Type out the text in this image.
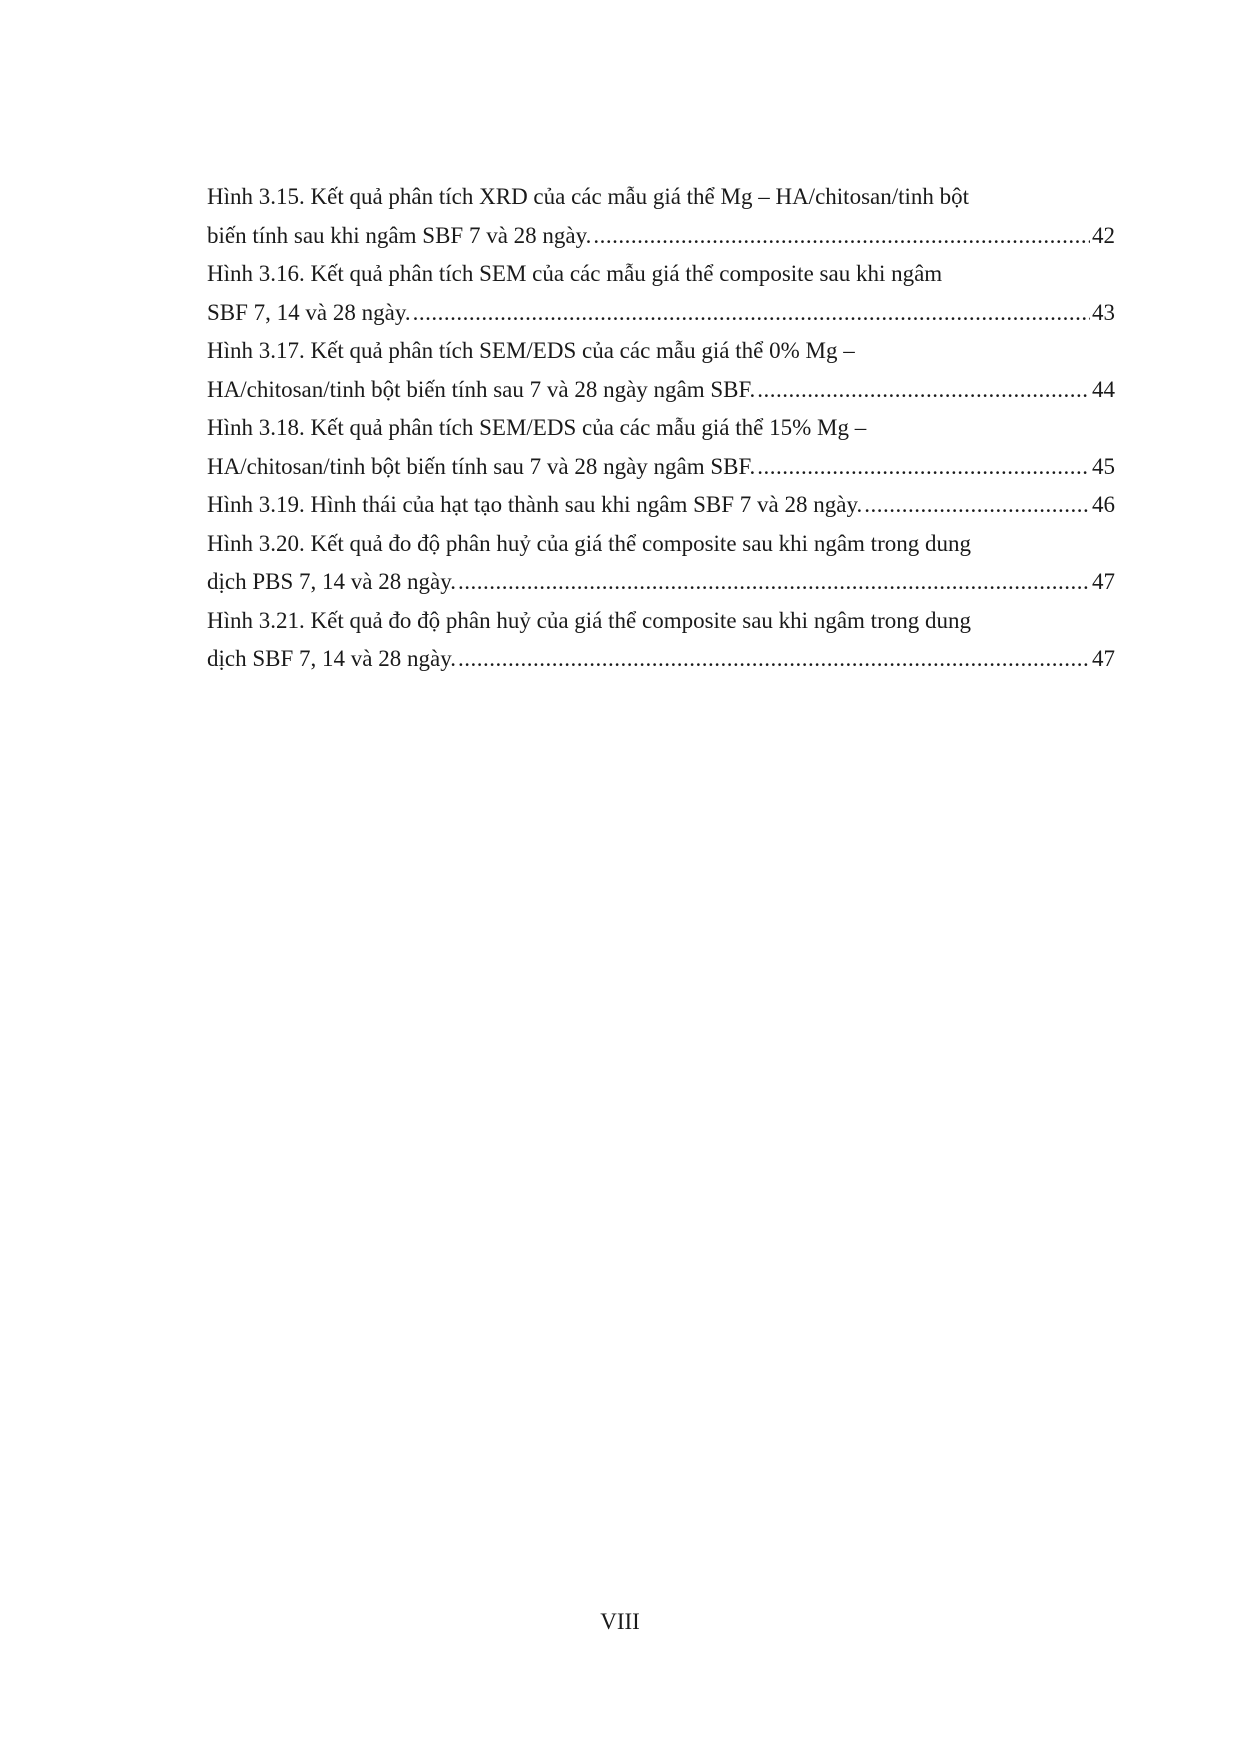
Hình 3.15. Kết quả phân tích XRD của các mẫu giá thể Mg – HA/chitosan/tinh bột
biến tính sau khi ngâm SBF 7 và 28 ngày. .....	42
Hình 3.16. Kết quả phân tích SEM của các mẫu giá thể composite sau khi ngâm
SBF 7, 14 và 28 ngày. .....	43
Hình 3.17. Kết quả phân tích SEM/EDS của các mẫu giá thể 0% Mg –
HA/chitosan/tinh bột biến tính sau 7 và 28 ngày ngâm SBF. .....	44
Hình 3.18. Kết quả phân tích SEM/EDS của các mẫu giá thể 15% Mg –
HA/chitosan/tinh bột biến tính sau 7 và 28 ngày ngâm SBF. .....	45
Hình 3.19. Hình thái của hạt tạo thành sau khi ngâm SBF 7 và 28 ngày. .....	46
Hình 3.20. Kết quả đo độ phân huỷ của giá thể composite sau khi ngâm trong dung
dịch PBS 7, 14 và 28 ngày. .....	47
Hình 3.21. Kết quả đo độ phân huỷ của giá thể composite sau khi ngâm trong dung
dịch SBF 7, 14 và 28 ngày. .....	47
VIII
